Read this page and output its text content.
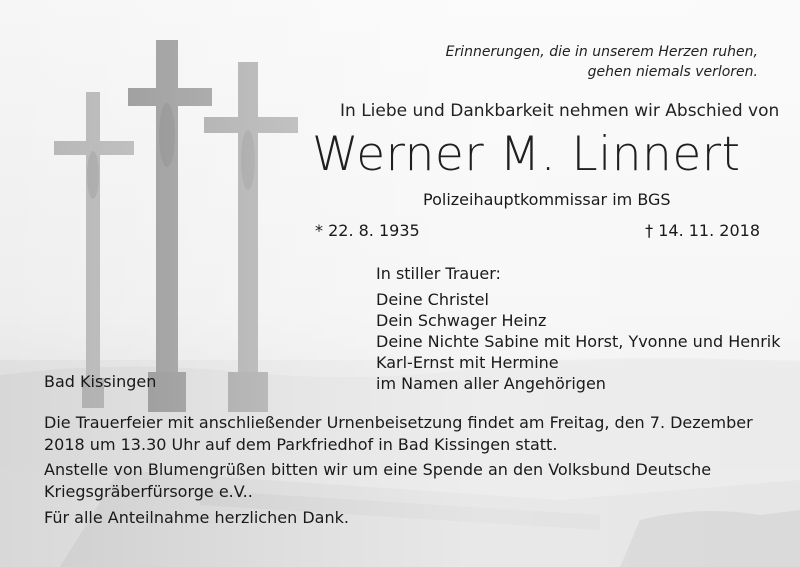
Erinnerungen, die in unserem Herzen ruhen,
gehen niemals verloren.
In Liebe und Dankbarkeit nehmen wir Abschied von
Werner M. Linnert
Polizeihauptkommissar im BGS
* 22. 8. 1935	† 14. 11. 2018
In stiller Trauer:
Deine Christel
Dein Schwager Heinz
Deine Nichte Sabine mit Horst, Yvonne und Henrik
Karl-Ernst mit Hermine
im Namen aller Angehörigen
Bad Kissingen
Die Trauerfeier mit anschließender Urnenbeisetzung findet am Freitag, den 7. Dezember 2018 um 13.30 Uhr auf dem Parkfriedhof in Bad Kissingen statt.
Anstelle von Blumengrüßen bitten wir um eine Spende an den Volksbund Deutsche Kriegsgräberfürsorge e.V..
Für alle Anteilnahme herzlichen Dank.
